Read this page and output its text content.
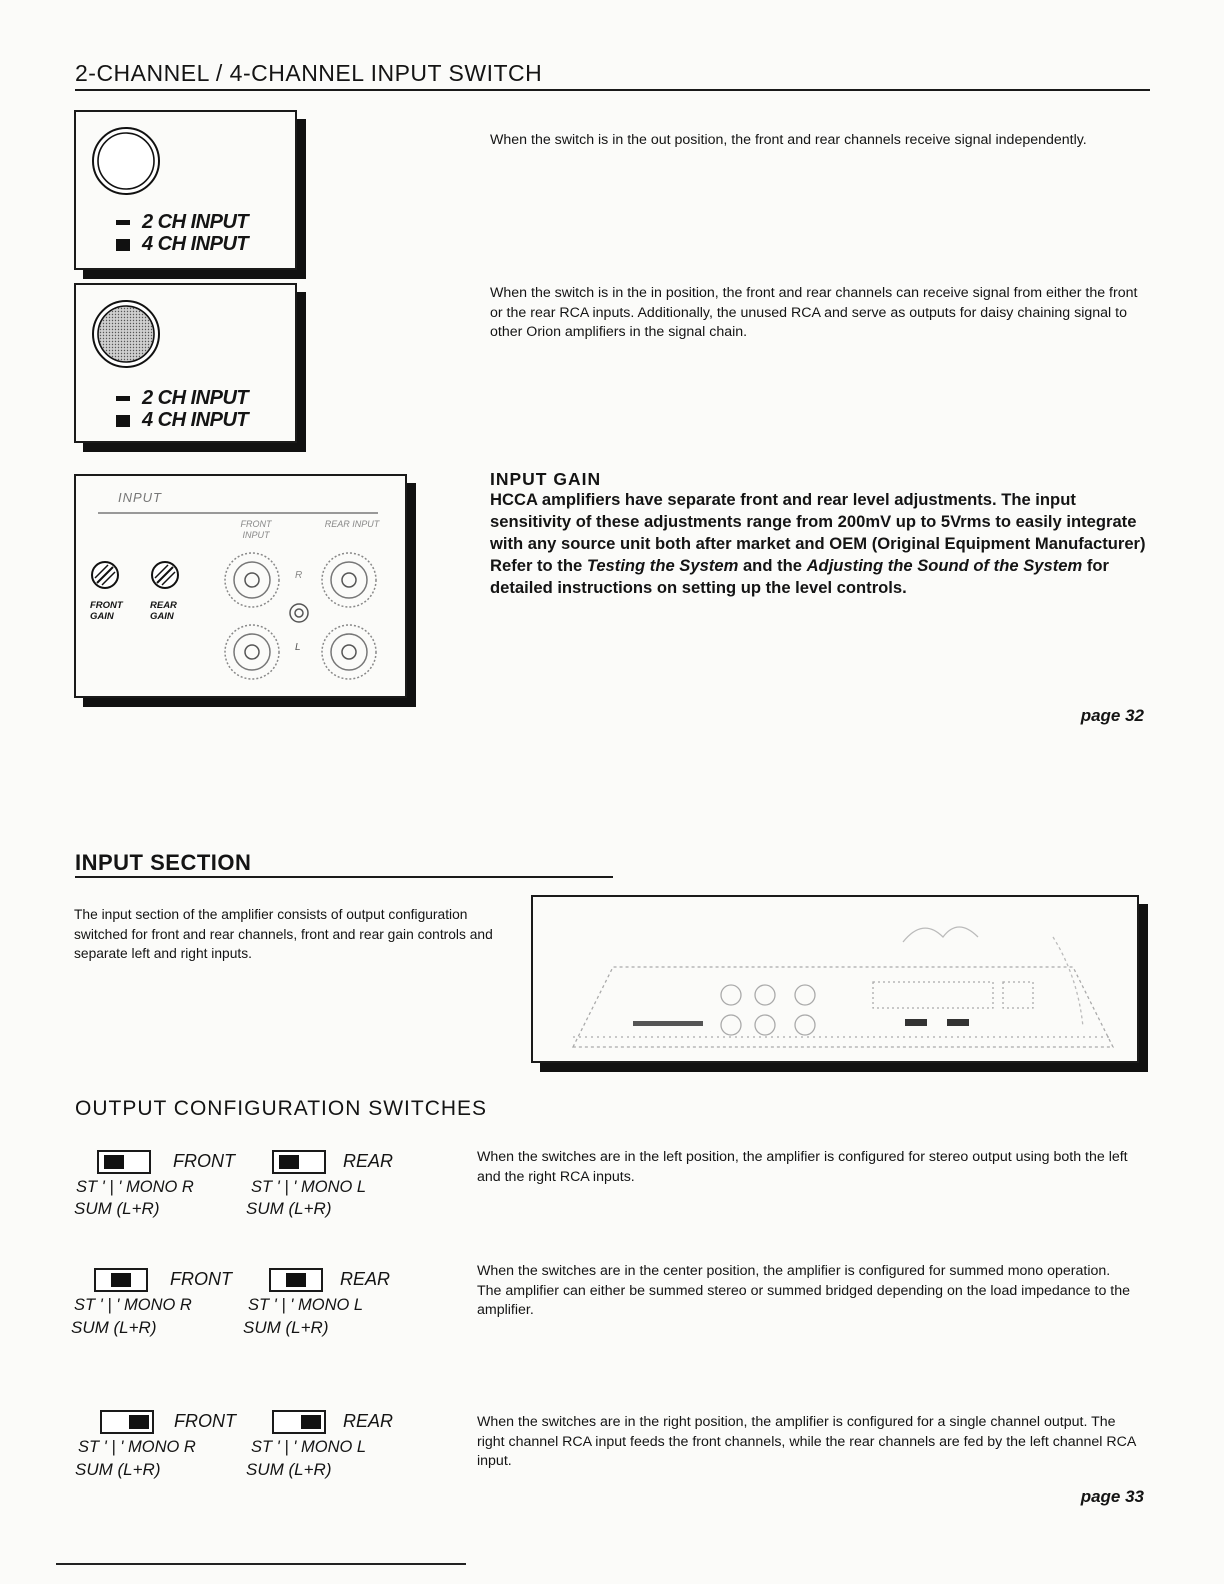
2-CHANNEL / 4-CHANNEL INPUT SWITCH
2 CH INPUT
4 CH INPUT
2 CH INPUT
4 CH INPUT

When the switch is in the out position, the front and rear channels receive signal independently.

When the switch is in the in position, the front and rear channels can receive signal from either the front or the rear RCA inputs. Additionally, the unused RCA and serve as outputs for daisy chaining signal to other Orion amplifiers in the signal chain.

INPUT
FRONT INPUT
REAR INPUT
FRONT GAIN
REAR GAIN
R
L
INPUT GAIN

HCCA amplifiers have separate front and rear level adjustments. The input sensitivity of these adjustments range from 200mV up to 5Vrms to easily integrate with any source unit both after market and OEM (Original Equipment Manufacturer) Refer to the Testing the System and the Adjusting the Sound of the System for detailed instructions on setting up the level controls.

page 32
INPUT SECTION

The input section of the amplifier consists of output configuration switched for front and rear channels, front and rear gain controls and separate left and right inputs.

OUTPUT CONFIGURATION SWITCHES
FRONT	REAR
ST ' | ' MONO R	ST ' | ' MONO L
SUM (L+R)	SUM (L+R)

When the switches are in the left position, the amplifier is configured for stereo output using both the left and the right RCA inputs.

FRONT	REAR
ST ' | ' MONO R	ST ' | ' MONO L
SUM (L+R)	SUM (L+R)

When the switches are in the center position, the amplifier is configured for summed mono operation. The amplifier can either be summed stereo or summed bridged depending on the load impedance to the amplifier.

FRONT	REAR
ST ' | ' MONO R	ST ' | ' MONO L
SUM (L+R)	SUM (L+R)

When the switches are in the right position, the amplifier is configured for a single channel output. The right channel RCA input feeds the front channels, while the rear channels are fed by the left channel RCA input.

page 33
